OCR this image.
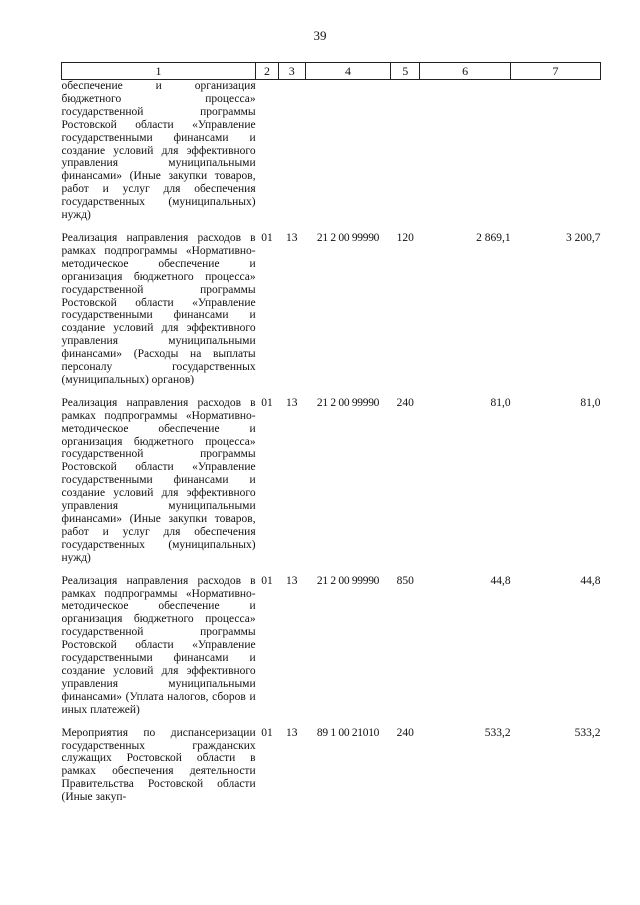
39
1	2	3	4	5	6	7
обеспечение и организация бюджетного процесса» государственной программы Ростовской области «Управление государственными финансами и создание условий для эффективного управления муниципальными финансами» (Иные закупки товаров, работ и услуг для обеспечения государственных (муниципальных) нужд)						

Реализация направления расходов в рамках подпрограммы «Нормативно-методическое обеспечение и организация бюджетного процесса» государственной программы Ростовской области «Управление государственными финансами и создание условий для эффективного управления муниципальными финансами» (Расходы на выплаты персоналу государственных (муниципальных) органов)	01	13	21 2 00 99990	120	2 869,1	3 200,7

Реализация направления расходов в рамках подпрограммы «Нормативно-методическое обеспечение и организация бюджетного процесса» государственной программы Ростовской области «Управление государственными финансами и создание условий для эффективного управления муниципальными финансами» (Иные закупки товаров, работ и услуг для обеспечения государственных (муниципальных) нужд)	01	13	21 2 00 99990	240	81,0	81,0

Реализация направления расходов в рамках подпрограммы «Нормативно-методическое обеспечение и организация бюджетного процесса» государственной программы Ростовской области «Управление государственными финансами и создание условий для эффективного управления муниципальными финансами» (Уплата налогов, сборов и иных платежей)	01	13	21 2 00 99990	850	44,8	44,8

Мероприятия по диспансеризации государственных гражданских служащих Ростовской области в рамках обеспечения деятельности Правительства Ростовской области (Иные закуп-	01	13	89 1 00 21010	240	533,2	533,2
